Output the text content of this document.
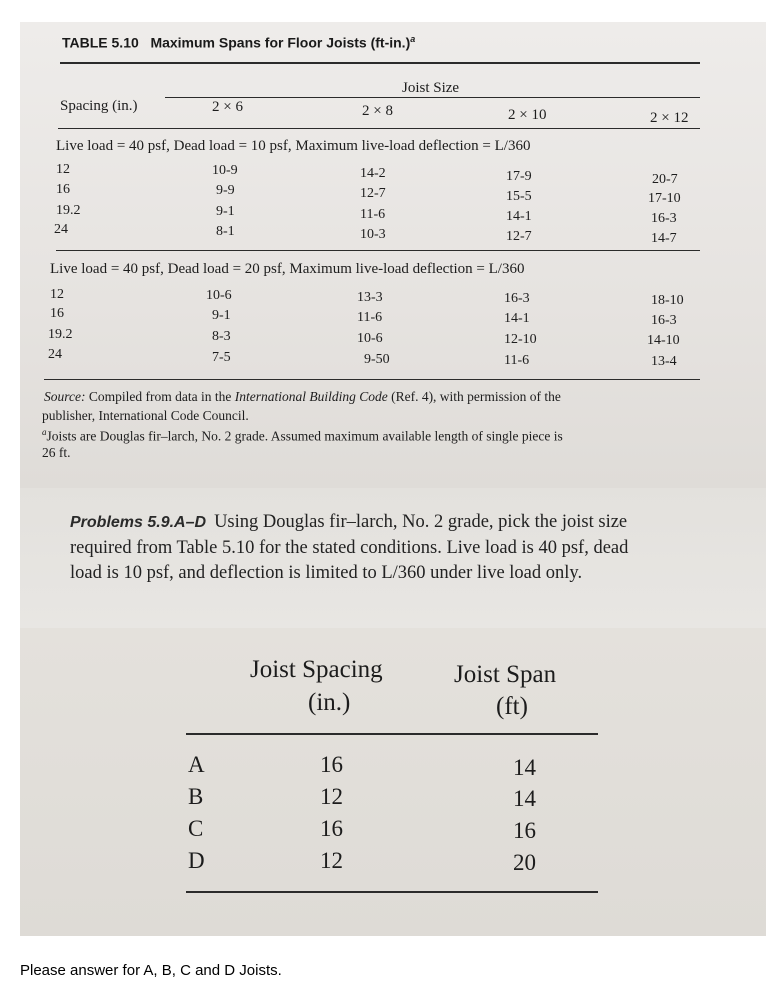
TABLE 5.10 Maximum Spans for Floor Joists $(ft-in.)^a$
Joist Size
Spacing (in.)	2 × 6	2 × 8	2 × 10	2 × 12
Live load = 40 psf, Dead load = 10 psf, Maximum live-load deflection = L/360
12	10-9	14-2	17-9	20-7
16	9-9	12-7	15-5	17-10
19.2	9-1	11-6	14-1	16-3
24	8-1	10-3	12-7	14-7
Live load = 40 psf, Dead load = 20 psf, Maximum live-load deflection = L/360
12	10-6	13-3	16-3	18-10
16	9-1	11-6	14-1	16-3
19.2	8-3	10-6	12-10	14-10
24	7-5	9-50	11-6	13-4
Source: Compiled from data in the International Building Code (Ref. 4), with permission of the
publisher, International Code Council.
$^a$Joists are Douglas fir–larch, No. 2 grade. Assumed maximum available length of single piece is
26 ft.
Problems 5.9.A–D Using Douglas fir–larch, No. 2 grade, pick the joist size
required from Table 5.10 for the stated conditions. Live load is 40 psf, dead
load is 10 psf, and deflection is limited to L/360 under live load only.
Joist Spacing
(in.)
Joist Span
(ft)
A	16	14
B	12	14
C	16	16
D	12	20
Please answer for A, B, C and D Joists.
